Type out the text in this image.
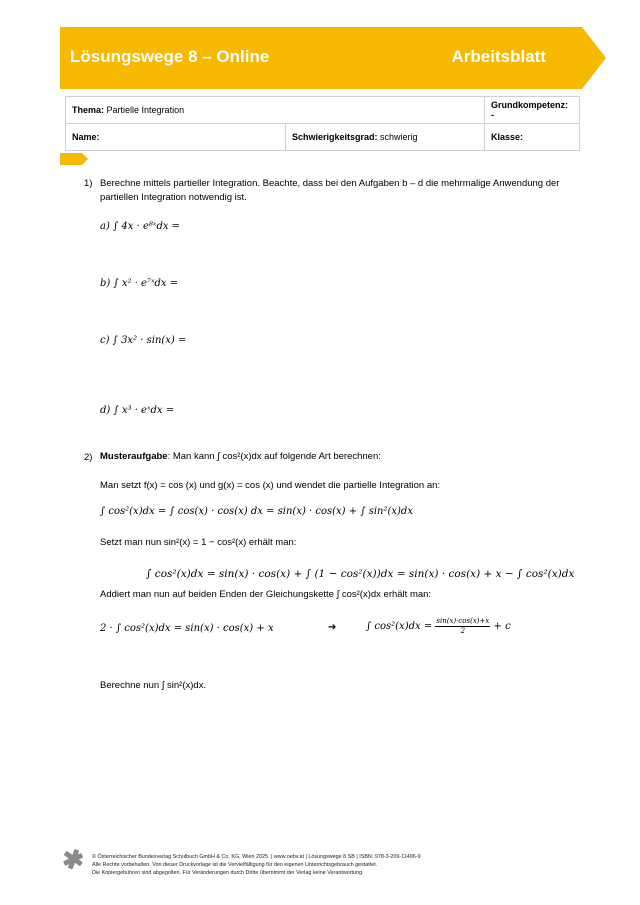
Lösungswege 8 – Online	Arbeitsblatt
Thema: Partielle Integration		Grundkompetenz: -
Name:	Schwierigkeitsgrad: schwierig	Klasse:
1) Berechne mittels partieller Integration. Beachte, dass bei den Aufgaben b – d die mehrmalige Anwendung der
partiellen Integration notwendig ist.
a) ∫ 4x · e⁸ˣdx =
b) ∫ x² · e⁷ˣdx =
c) ∫ 3x² · sin(x) =
d) ∫ x³ · eˣdx =
2) Musteraufgabe: Man kann ∫ cos²(x)dx auf folgende Art berechnen:
Man setzt f(x) = cos (x) und g(x) = cos (x) und wendet die partielle Integration an:
∫ cos²(x)dx = ∫ cos(x) · cos(x) dx = sin(x) · cos(x) + ∫ sin²(x)dx
Setzt man nun sin²(x) = 1 − cos²(x) erhält man:
∫ cos²(x)dx = sin(x) · cos(x) + ∫ (1 − cos²(x))dx = sin(x) · cos(x) + x − ∫ cos²(x)dx
Addiert man nun auf beiden Enden der Gleichungskette ∫ cos²(x)dx erhält man:
2 · ∫ cos²(x)dx = sin(x) · cos(x) + x	➔	∫ $\cos^2(x)dx = \frac{\sin(x)\cdot\cos(x)+x}{2} + c$
Berechne nun ∫ sin²(x)dx.
© Österreichischer Bundesverlag Schulbuch GmbH & Co. KG, Wien 2025. | www.oebv.at | Lösungswege 8 SB | ISBN: 978-3-209-11496-9
Alle Rechte vorbehalten. Von dieser Druckvorlage ist die Vervielfältigung für den eigenen Unterrichtsgebrauch gestattet.
Die Kopiergebühren sind abgegolten. Für Veränderungen durch Dritte übernimmt der Verlag keine Verantwortung.
